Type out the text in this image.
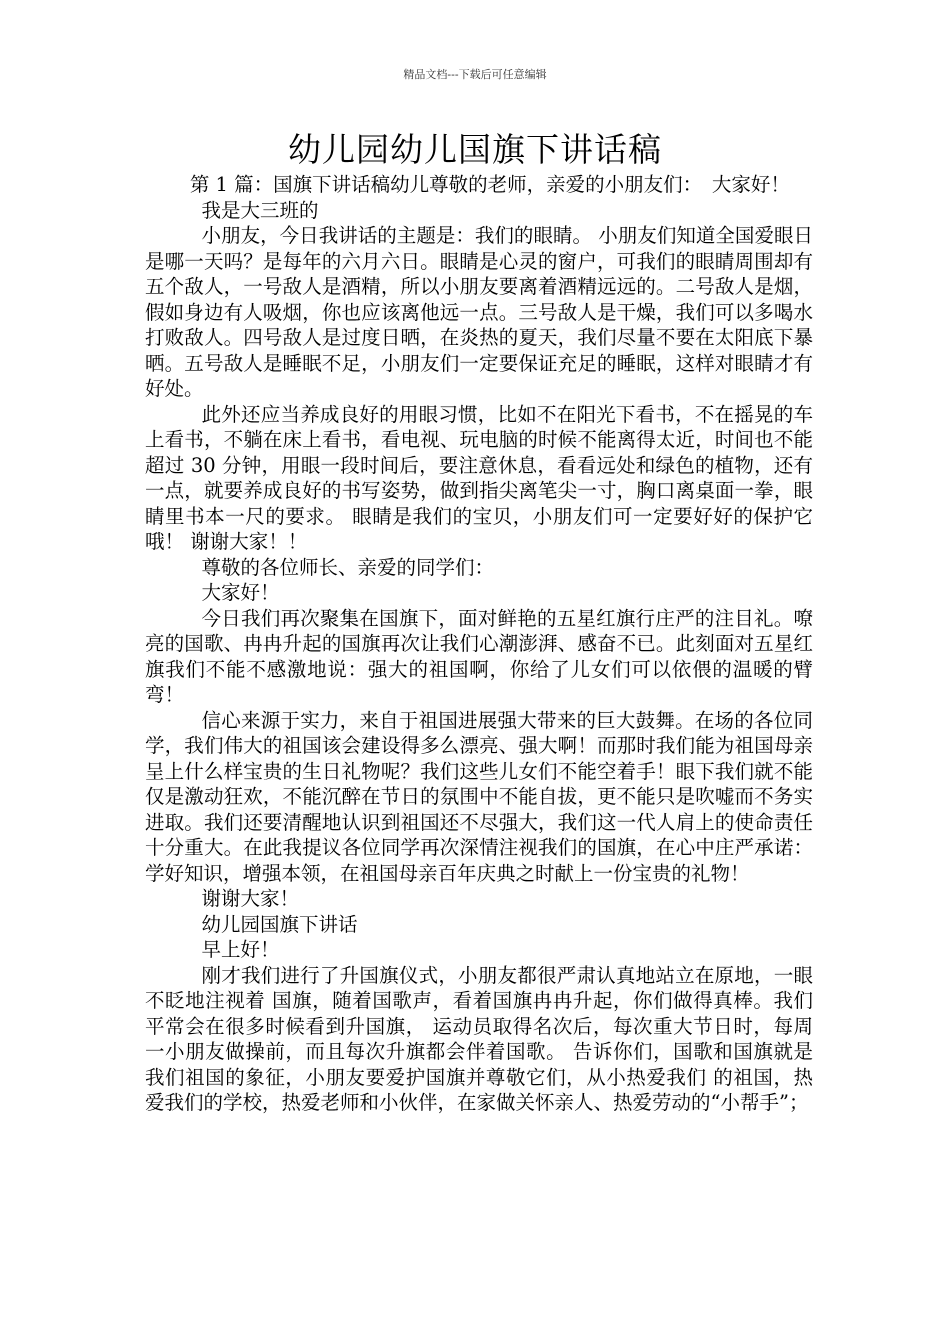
精品文档---下载后可任意编辑
幼儿园幼儿国旗下讲话稿

第 1 篇：国旗下讲话稿幼儿尊敬的老师，亲爱的小朋友们：　大家好！

我是大三班的

小朋友，今日我讲话的主题是：我们的眼睛。 小朋友们知道全国爱眼日是哪一天吗？是每年的六月六日。眼睛是心灵的窗户，可我们的眼睛周围却有五个敌人，一号敌人是酒精，所以小朋友要离着酒精远远的。二号敌人是烟，假如身边有人吸烟，你也应该离他远一点。三号敌人是干燥，我们可以多喝水打败敌人。四号敌人是过度日晒，在炎热的夏天，我们尽量不要在太阳底下暴晒。五号敌人是睡眠不足，小朋友们一定要保证充足的睡眠，这样对眼睛才有好处。

此外还应当养成良好的用眼习惯，比如不在阳光下看书，不在摇晃的车上看书，不躺在床上看书，看电视、玩电脑的时候不能离得太近，时间也不能超过 30 分钟，用眼一段时间后，要注意休息，看看远处和绿色的植物，还有一点，就要养成良好的书写姿势，做到指尖离笔尖一寸，胸口离桌面一拳，眼睛里书本一尺的要求。 眼睛是我们的宝贝，小朋友们可一定要好好的保护它哦！ 谢谢大家！！

尊敬的各位师长、亲爱的同学们：

大家好！

今日我们再次聚集在国旗下，面对鲜艳的五星红旗行庄严的注目礼。嘹亮的国歌、冉冉升起的国旗再次让我们心潮澎湃、感奋不已。此刻面对五星红旗我们不能不感激地说：强大的祖国啊，你给了儿女们可以依偎的温暖的臂弯！

信心来源于实力，来自于祖国进展强大带来的巨大鼓舞。在场的各位同学，我们伟大的祖国该会建设得多么漂亮、强大啊！而那时我们能为祖国母亲呈上什么样宝贵的生日礼物呢？我们这些儿女们不能空着手！眼下我们就不能仅是激动狂欢，不能沉醉在节日的氛围中不能自拔，更不能只是吹嘘而不务实进取。我们还要清醒地认识到祖国还不尽强大，我们这一代人肩上的使命责任十分重大。在此我提议各位同学再次深情注视我们的国旗，在心中庄严承诺：学好知识，增强本领，在祖国母亲百年庆典之时献上一份宝贵的礼物！

谢谢大家！

幼儿园国旗下讲话

早上好！

刚才我们进行了升国旗仪式，小朋友都很严肃认真地站立在原地，一眼不眨地注视着 国旗，随着国歌声，看着国旗冉冉升起，你们做得真棒。我们平常会在很多时候看到升国旗， 运动员取得名次后，每次重大节日时，每周一小朋友做操前，而且每次升旗都会伴着国歌。 告诉你们，国歌和国旗就是我们祖国的象征，小朋友要爱护国旗并尊敬它们，从小热爱我们 的祖国，热爱我们的学校，热爱老师和小伙伴，在家做关怀亲人、热爱劳动的“小帮手”；
